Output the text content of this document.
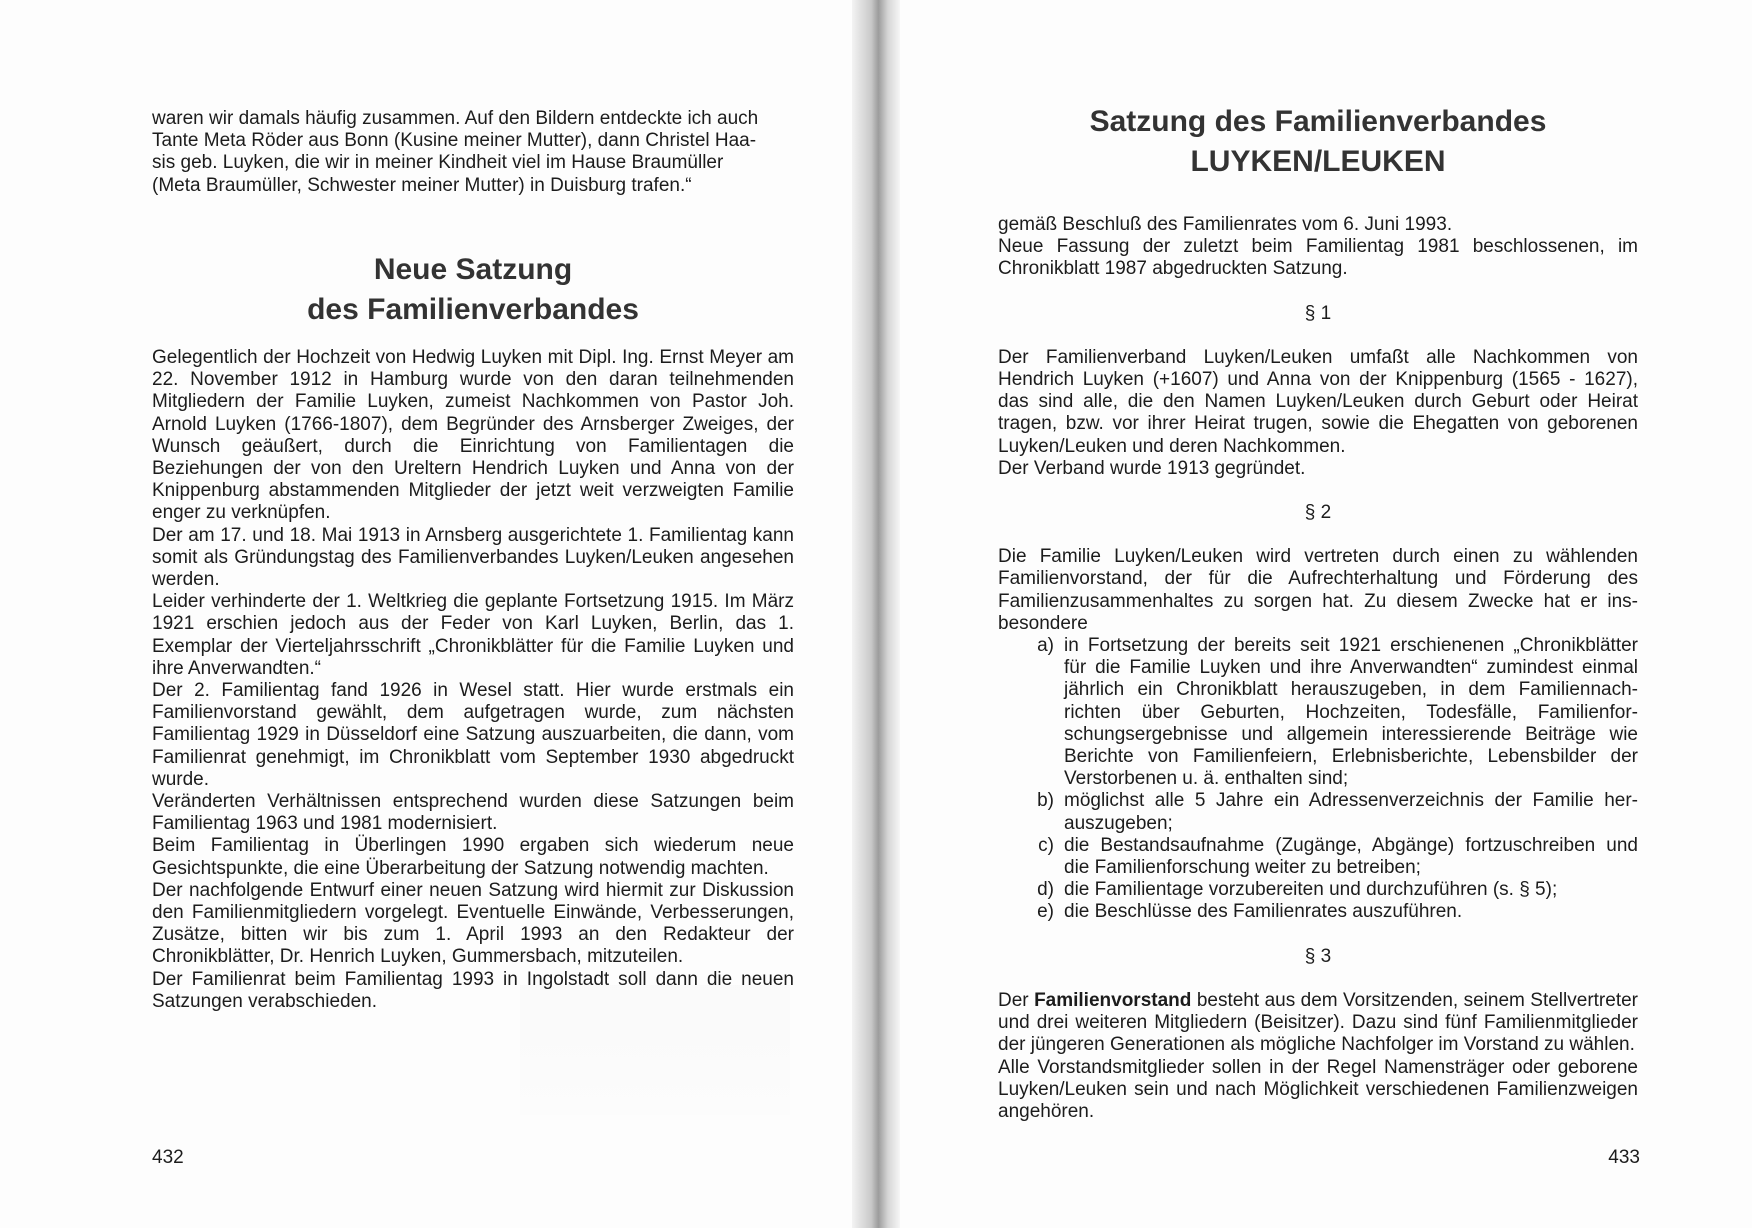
waren wir damals häufig zusammen. Auf den Bildern entdeckte ich auch

Tante Meta Röder aus Bonn (Kusine meiner Mutter), dann Christel Haa-

sis geb. Luyken, die wir in meiner Kindheit viel im Hause Braumüller

(Meta Braumüller, Schwester meiner Mutter) in Duisburg trafen.“

Neue Satzung
des Familienverbandes

Gelegentlich der Hochzeit von Hedwig Luyken mit Dipl. Ing. Ernst Meyer am 22. November 1912 in Hamburg wurde von den daran teilnehmenden Mitgliedern der Familie Luyken, zumeist Nachkommen von Pastor Joh. Arnold Luyken (1766-1807), dem Begründer des Arnsberger Zweiges, der Wunsch geäußert, durch die Einrichtung von Familientagen die Beziehungen der von den Ureltern Hendrich Luyken und Anna von der Knippenburg abstammenden Mitglieder der jetzt weit verzweigten Familie enger zu verknüpfen.

Der am 17. und 18. Mai 1913 in Arnsberg ausgerichtete 1. Familientag kann somit als Gründungstag des Familienverbandes Luyken/Leuken angesehen werden.

Leider verhinderte der 1. Weltkrieg die geplante Fortsetzung 1915. Im März 1921 erschien jedoch aus der Feder von Karl Luyken, Berlin, das 1. Exemplar der Vierteljahrsschrift „Chronikblätter für die Familie Luyken und ihre Anverwandten.“

Der 2. Familientag fand 1926 in Wesel statt. Hier wurde erstmals ein Familienvorstand gewählt, dem aufgetragen wurde, zum nächsten Familientag 1929 in Düsseldorf eine Satzung auszuarbeiten, die dann, vom Familienrat genehmigt, im Chronikblatt vom September 1930 abgedruckt wurde.

Veränderten Verhältnissen entsprechend wurden diese Satzungen beim Familientag 1963 und 1981 modernisiert.

Beim Familientag in Überlingen 1990 ergaben sich wiederum neue Gesichtspunkte, die eine Überarbeitung der Satzung notwendig machten.

Der nachfolgende Entwurf einer neuen Satzung wird hiermit zur Diskussion den Familienmitgliedern vorgelegt. Eventuelle Einwände, Verbesserungen, Zusätze, bitten wir bis zum 1. April 1993 an den Redakteur der Chronikblätter, Dr. Henrich Luyken, Gummersbach, mitzuteilen.

Der Familienrat beim Familientag 1993 in Ingolstadt soll dann die neuen Satzungen verabschieden.

432
Satzung des Familienverbandes
LUYKEN/LEUKEN

gemäß Beschluß des Familienrates vom 6. Juni 1993.

Neue Fassung der zuletzt beim Familientag 1981 beschlossenen, im Chronikblatt 1987 abgedruckten Satzung.

§ 1

Der Familienverband Luyken/Leuken umfaßt alle Nachkommen von Hendrich Luyken (+1607) und Anna von der Knippenburg (1565 - 1627), das sind alle, die den Namen Luyken/Leuken durch Geburt oder Heirat tragen, bzw. vor ihrer Heirat trugen, sowie die Ehegatten von geborenen Luyken/Leuken und deren Nachkommen.

Der Verband wurde 1913 gegründet.

§ 2

Die Familie Luyken/Leuken wird vertreten durch einen zu wählenden Familienvorstand, der für die Aufrechterhaltung und Förderung des Familienzusammenhaltes zu sorgen hat. Zu diesem Zwecke hat er insbesondere

a) in Fortsetzung der bereits seit 1921 erschienenen „Chronikblätter für die Familie Luyken und ihre Anverwandten“ zumindest einmal jährlich ein Chronikblatt herauszugeben, in dem Familiennachrichten über Geburten, Hochzeiten, Todesfälle, Familienforschungsergebnisse und allgemein interessierende Beiträge wie Berichte von Familienfeiern, Erlebnisberichte, Lebensbilder der Verstorbenen u. ä. enthalten sind;
b) möglichst alle 5 Jahre ein Adressenverzeichnis der Familie herauszugeben;
c) die Bestandsaufnahme (Zugänge, Abgänge) fortzuschreiben und die Familienforschung weiter zu betreiben;
d) die Familientage vorzubereiten und durchzuführen (s. § 5);
e) die Beschlüsse des Familienrates auszuführen.

§ 3

Der Familienvorstand besteht aus dem Vorsitzenden, seinem Stellvertreter und drei weiteren Mitgliedern (Beisitzer). Dazu sind fünf Familienmitglieder der jüngeren Generationen als mögliche Nachfolger im Vorstand zu wählen.

Alle Vorstandsmitglieder sollen in der Regel Namensträger oder geborene Luyken/Leuken sein und nach Möglichkeit verschiedenen Familienzweigen angehören.

433
